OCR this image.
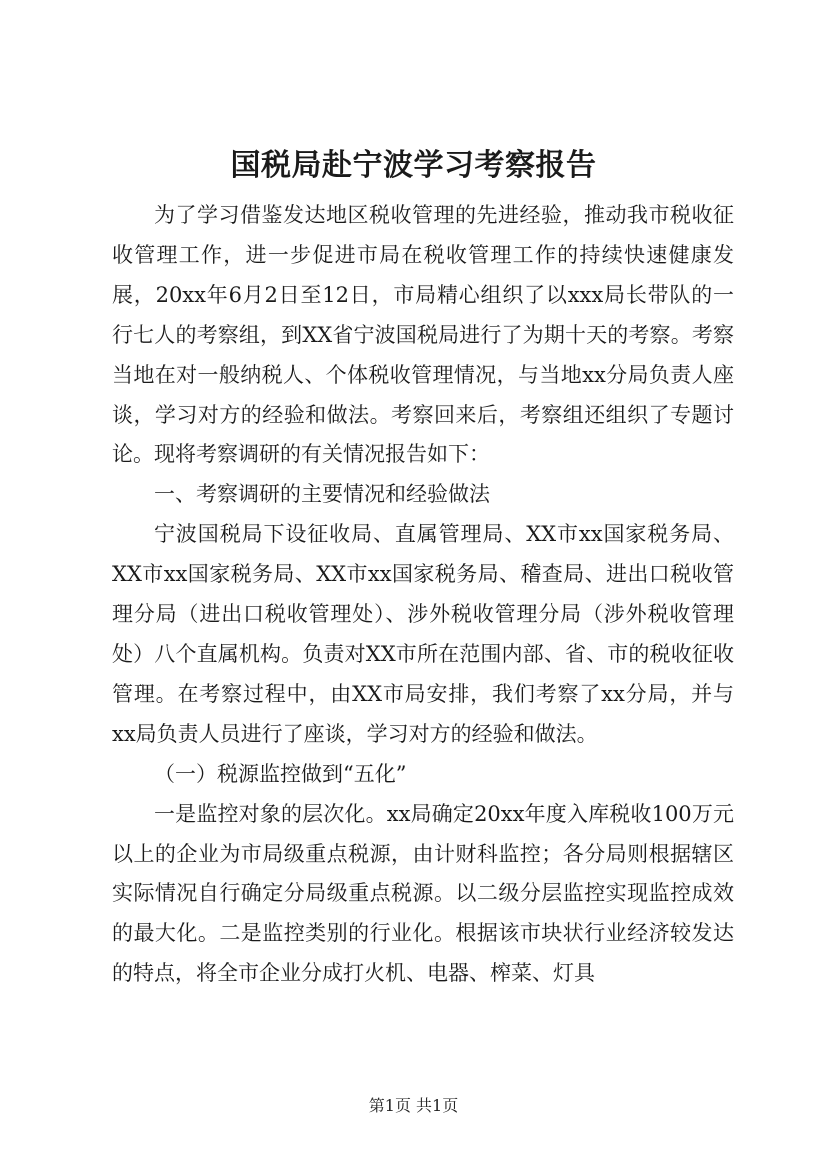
国税局赴宁波学习考察报告

为了学习借鉴发达地区税收管理的先进经验，推动我市税收征收管理工作，进一步促进市局在税收管理工作的持续快速健康发展，20xx年6月2日至12日，市局精心组织了以xxx局长带队的一行七人的考察组，到XX省宁波国税局进行了为期十天的考察。考察当地在对一般纳税人、个体税收管理情况，与当地xx分局负责人座谈，学习对方的经验和做法。考察回来后，考察组还组织了专题讨论。现将考察调研的有关情况报告如下：

一、考察调研的主要情况和经验做法

宁波国税局下设征收局、直属管理局、XX市xx国家税务局、XX市xx国家税务局、XX市xx国家税务局、稽查局、进出口税收管理分局（进出口税收管理处）、涉外税收管理分局（涉外税收管理处）八个直属机构。负责对XX市所在范围内部、省、市的税收征收管理。在考察过程中，由XX市局安排，我们考察了xx分局，并与xx局负责人员进行了座谈，学习对方的经验和做法。

（一）税源监控做到“五化”

一是监控对象的层次化。xx局确定20xx年度入库税收100万元以上的企业为市局级重点税源，由计财科监控；各分局则根据辖区实际情况自行确定分局级重点税源。以二级分层监控实现监控成效的最大化。二是监控类别的行业化。根据该市块状行业经济较发达的特点，将全市企业分成打火机、电器、榨菜、灯具

第1页 共1页
